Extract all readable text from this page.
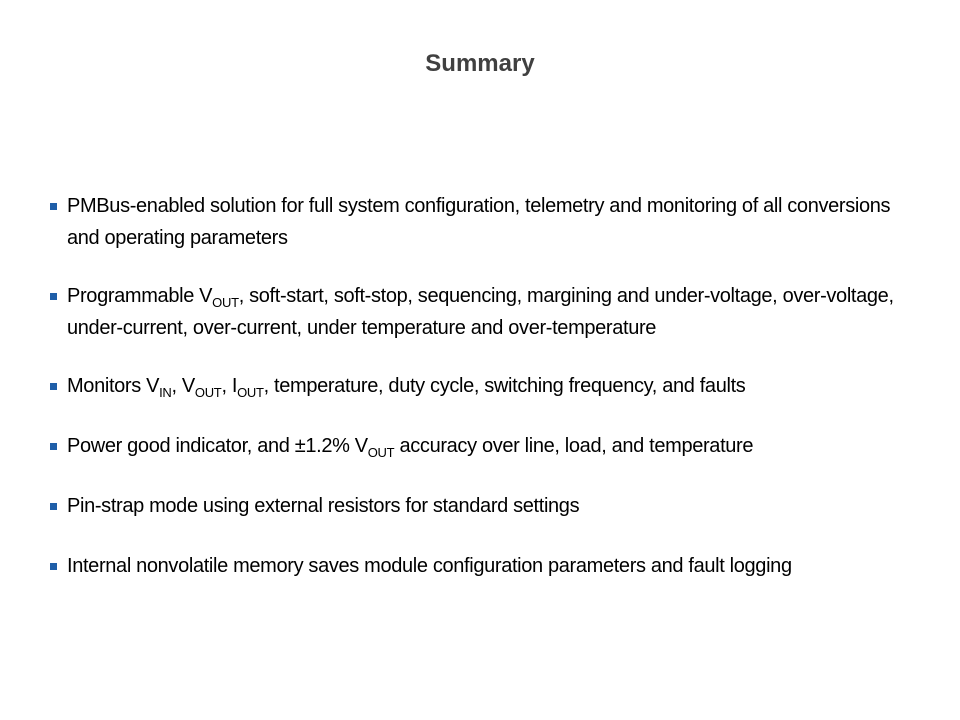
Summary
PMBus-enabled solution for full system configuration, telemetry and monitoring of all conversions and operating parameters
Programmable $V_{OUT}$, soft-start, soft-stop, sequencing, margining and under-voltage, over-voltage, under-current, over-current, under temperature and over-temperature
Monitors $V_{IN}$, $V_{OUT}$, $I_{OUT}$, temperature, duty cycle, switching frequency, and faults
Power good indicator, and ±1.2% $V_{OUT}$ accuracy over line, load, and temperature
Pin-strap mode using external resistors for standard settings
Internal nonvolatile memory saves module configuration parameters and fault logging
